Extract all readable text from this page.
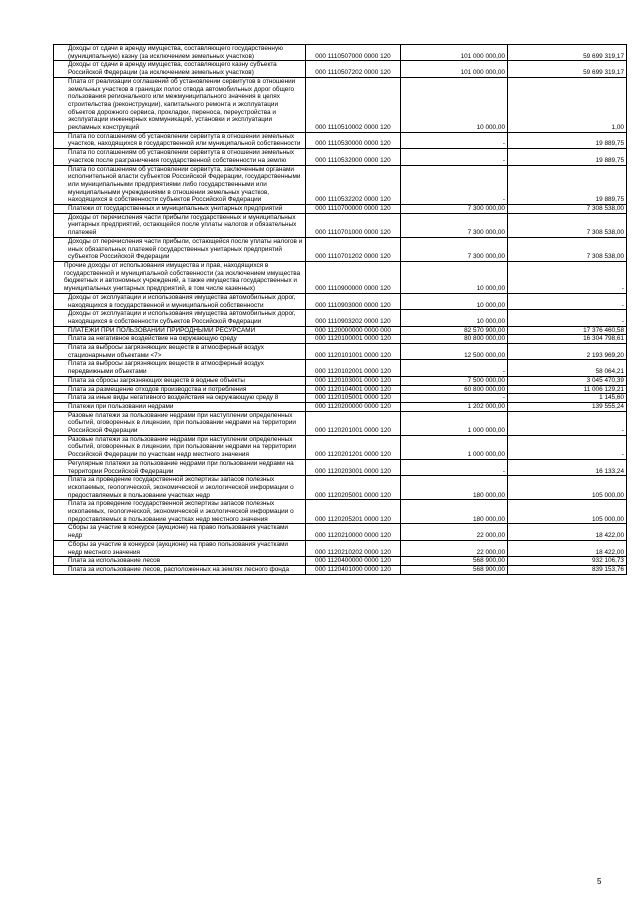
Доходы от сдачи в аренду имущества, составляющего государственную (муниципальную) казну (за исключением земельных участков)	000 1110507000 0000 120	101 000 000,00	59 699 319,17
Доходы от сдачи в аренду имущества, составляющего казну субъекта Российской Федерации (за исключением земельных участков)	000 1110507202 0000 120	101 000 000,00	59 699 319,17
Плата от реализации соглашений об установлении сервитутов в отношении земельных участков в границах полос отвода автомобильных дорог общего пользования регионального или межмуниципального значения в целях строительства (реконструкции), капитального ремонта и эксплуатации объектов дорожного сервиса, прокладки, переноса, переустройства и эксплуатации инженерных коммуникаций, установки и эксплуатации рекламных конструкций	000 1110510002 0000 120	10 000,00	1,00
Плата по соглашениям об установлении сервитута в отношении земельных участков, находящихся в государственной или муниципальной собственности	000 1110530000 0000 120	-	19 889,75
Плата по соглашениям об установлении сервитута в отношении земельных участков после разграничения государственной собственности на землю	000 1110532000 0000 120	-	19 889,75
Плата по соглашениям об установлении сервитута, заключенным органами исполнительной власти субъектов Российской Федерации, государственными или муниципальными предприятиями либо государственными или муниципальными учреждениями в отношении земельных участков, находящихся в собственности субъектов Российской Федерации	000 1110532202 0000 120	-	19 889,75
Платежи от государственных и муниципальных унитарных предприятий	000 1110700000 0000 120	7 300 000,00	7 308 538,00
Доходы от перечисления части прибыли государственных и муниципальных унитарных предприятий, остающейся после уплаты налогов и обязательных платежей	000 1110701000 0000 120	7 300 000,00	7 308 538,00
Доходы от перечисления части прибыли, остающейся после уплаты налогов и иных обязательных платежей государственных унитарных предприятий субъектов Российской Федерации	000 1110701202 0000 120	7 300 000,00	7 308 538,00
Прочие доходы от использования имущества и прав, находящихся в государственной и муниципальной собственности (за исключением имущества бюджетных и автономных учреждений, а также имущества государственных и муниципальных унитарных предприятий, в том числе казенных)	000 1110900000 0000 120	10 000,00	-
Доходы от эксплуатации и использования имущества автомобильных дорог, находящихся в государственной и муниципальной собственности	000 1110903000 0000 120	10 000,00	-
Доходы от эксплуатации и использования имущества автомобильных дорог, находящихся в собственности субъектов Российской Федерации	000 1110903202 0000 120	10 000,00	-
ПЛАТЕЖИ ПРИ ПОЛЬЗОВАНИИ ПРИРОДНЫМИ РЕСУРСАМИ	000 1120000000 0000 000	82 570 900,00	17 376 460,58
Плата за негативное воздействие на окружающую среду	000 1120100001 0000 120	80 800 000,00	16 304 798,61
Плата за выбросы загрязняющих веществ в атмосферный воздух стационарными объектами <7>	000 1120101001 0000 120	12 500 000,00	2 193 969,20
Плата за выбросы загрязняющих веществ в атмосферный воздух передвижными объектами	000 1120102001 0000 120	-	58 064,21
Плата за сбросы загрязняющих веществ в водные объекты	000 1120103001 0000 120	7 500 000,00	3 045 470,39
Плата за размещение отходов производства и потребления	000 1120104001 0000 120	60 800 000,00	11 006 129,21
Плата за иные виды негативного воздействия на окружающую среду 8	000 1120105001 0000 120	-	1 145,60
Платежи при пользовании недрами	000 1120200000 0000 120	1 202 000,00	139 555,24
Разовые платежи за пользование недрами при наступлении определенных событий, оговоренных в лицензии, при пользовании недрами на территории Российской Федерации	000 1120201001 0000 120	1 000 000,00	-
Разовые платежи за пользование недрами при наступлении определенных событий, оговоренных в лицензии, при пользовании недрами на территории Российской Федерации по участкам недр местного значения	000 1120201201 0000 120	1 000 000,00	-
Регулярные платежи за пользование недрами при пользовании недрами на территории Российской Федерации	000 1120203001 0000 120	-	16 133,24
Плата за проведение государственной экспертизы запасов полезных ископаемых, геологической, экономической и экологической информации о предоставляемых в пользование участках недр	000 1120205001 0000 120	180 000,00	105 000,00
Плата за проведение государственной экспертизы запасов полезных ископаемых, геологической, экономической и экологической информации о предоставляемых в пользование участках недр местного значения	000 1120205201 0000 120	180 000,00	105 000,00
Сборы за участие в конкурсе (аукционе) на право пользования участками недр	000 1120210000 0000 120	22 000,00	18 422,00
Сборы за участие в конкурсе (аукционе) на право пользования участками недр местного значения	000 1120210202 0000 120	22 000,00	18 422,00
Плата за использование лесов	000 1120400000 0000 120	568 900,00	932 106,73
Плата за использование лесов, расположенных на землях лесного фонда	000 1120401000 0000 120	568 900,00	839 153,76
5
